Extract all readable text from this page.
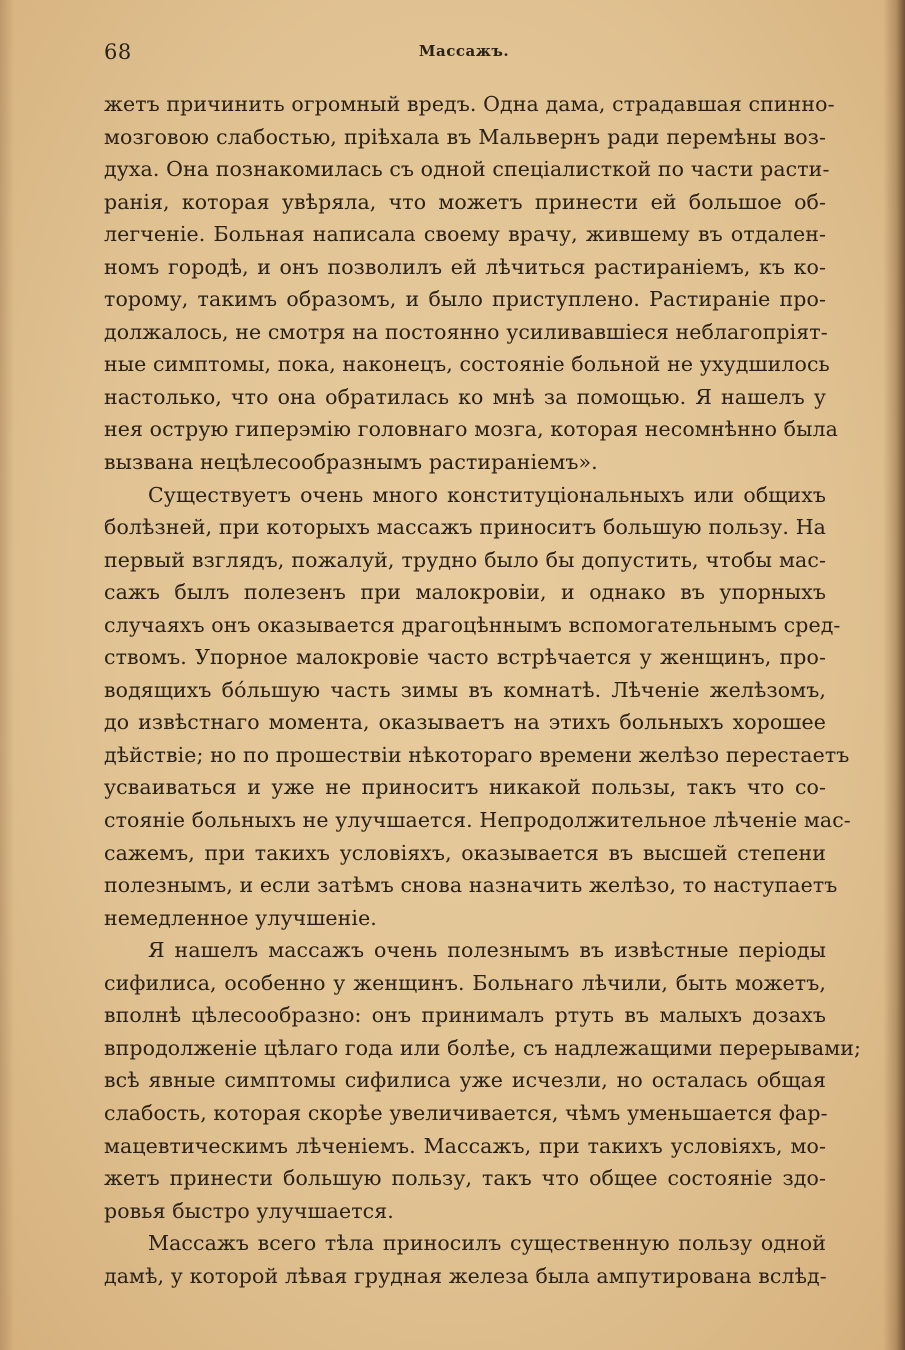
68	Массажъ.
жетъ причинить огромный вредъ. Одна дама, страдавшая спинно-
мозговою слабостью, пріѣхала въ Мальвернъ ради перемѣны воз-
духа. Она познакомилась съ одной спеціалисткой по части расти-
ранія, которая увѣряла, что можетъ принести ей большое об-
легченіе. Больная написала своему врачу, жившему въ отдален-
номъ городѣ, и онъ позволилъ ей лѣчиться растираніемъ, къ ко-
торому, такимъ образомъ, и было приступлено. Растираніе про-
должалось, не смотря на постоянно усиливавшіеся неблагопріят-
ные симптомы, пока, наконецъ, состояніе больной не ухудшилось
настолько, что она обратилась ко мнѣ за помощью. Я нашелъ у
нея острую гиперэмію головнаго мозга, которая несомнѣнно была
вызвана нецѣлесообразнымъ растираніемъ».
Существуетъ очень много конституціональныхъ или общихъ
болѣзней, при которыхъ массажъ приноситъ большую пользу. На
первый взглядъ, пожалуй, трудно было бы допустить, чтобы мас-
сажъ былъ полезенъ при малокровіи, и однако въ упорныхъ
случаяхъ онъ оказывается драгоцѣннымъ вспомогательнымъ сред-
ствомъ. Упорное малокровіе часто встрѣчается у женщинъ, про-
водящихъ бо́льшую часть зимы въ комнатѣ. Лѣченіе желѣзомъ,
до извѣстнаго момента, оказываетъ на этихъ больныхъ хорошее
дѣйствіе; но по прошествіи нѣкотораго времени желѣзо перестаетъ
усваиваться и уже не приноситъ никакой пользы, такъ что со-
стояніе больныхъ не улучшается. Непродолжительное лѣченіе мас-
сажемъ, при такихъ условіяхъ, оказывается въ высшей степени
полезнымъ, и если затѣмъ снова назначить желѣзо, то наступаетъ
немедленное улучшеніе.
Я нашелъ массажъ очень полезнымъ въ извѣстные періоды
сифилиса, особенно у женщинъ. Больнаго лѣчили, быть можетъ,
вполнѣ цѣлесообразно: онъ принималъ ртуть въ малыхъ дозахъ
впродолженіе цѣлаго года или болѣе, съ надлежащими перерывами;
всѣ явные симптомы сифилиса уже исчезли, но осталась общая
слабость, которая скорѣе увеличивается, чѣмъ уменьшается фар-
мацевтическимъ лѣченіемъ. Массажъ, при такихъ условіяхъ, мо-
жетъ принести большую пользу, такъ что общее состояніе здо-
ровья быстро улучшается.
Массажъ всего тѣла приносилъ существенную пользу одной
дамѣ, у которой лѣвая грудная железа была ампутирована вслѣд-
